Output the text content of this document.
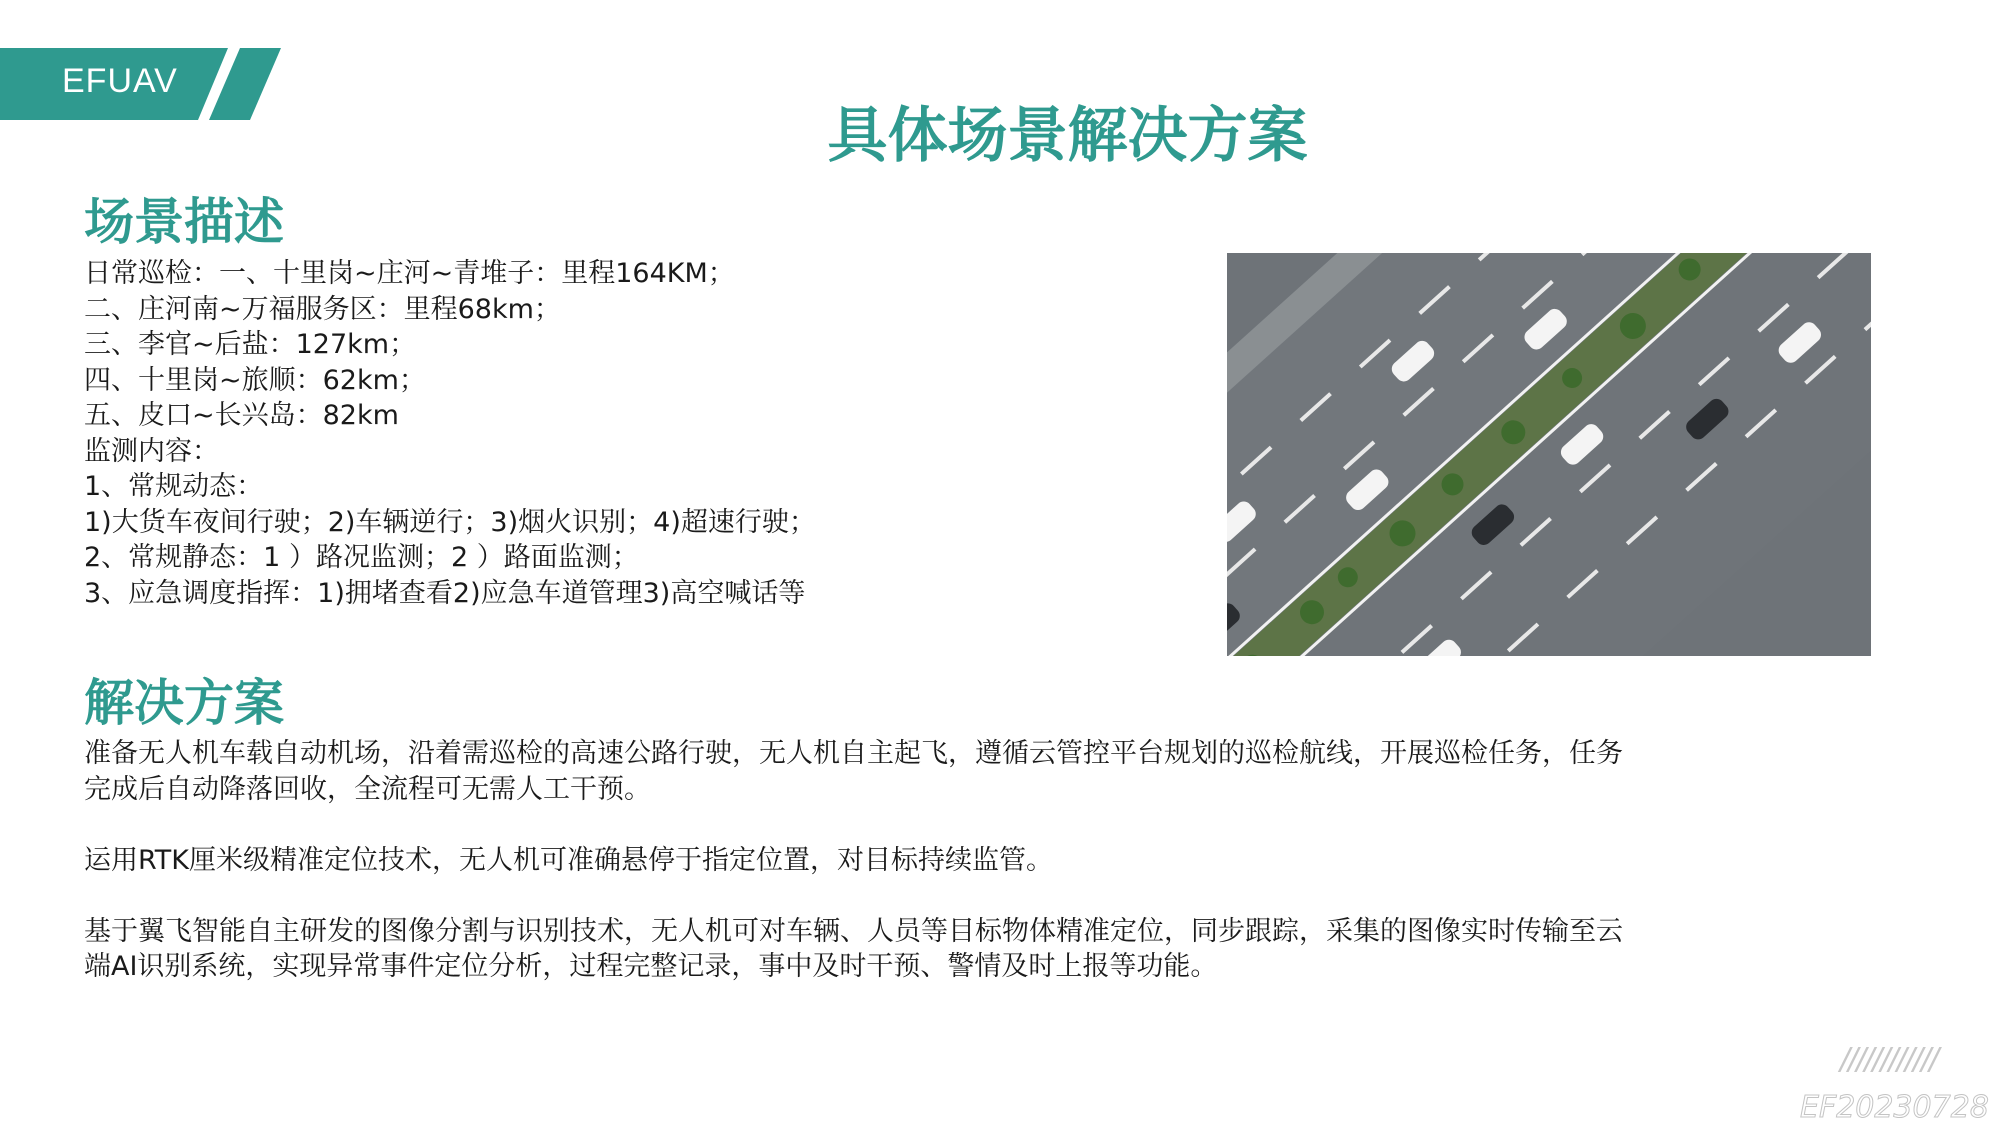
EFUAV
具体场景解决方案
场景描述
日常巡检：一、十里岗~庄河~青堆子：里程164KM；
二、庄河南~万福服务区：里程68km；
三、李官~后盐：127km；
四、十里岗~旅顺：62km；
五、皮口~长兴岛：82km
监测内容：
1、常规动态：
1)大货车夜间行驶；2)车辆逆行；3)烟火识别；4)超速行驶；
2、常规静态：1 ）路况监测；2 ）路面监测；
3、应急调度指挥：1)拥堵查看2)应急车道管理3)高空喊话等
解决方案

准备无人机车载自动机场，沿着需巡检的高速公路行驶，无人机自主起飞，遵循云管控平台规划的巡检航线，开展巡检任务，任务完成后自动降落回收，全流程可无需人工干预。

运用RTK厘米级精准定位技术，无人机可准确悬停于指定位置，对目标持续监管。

基于翼飞智能自主研发的图像分割与识别技术，无人机可对车辆、人员等目标物体精准定位，同步跟踪，采集的图像实时传输至云端AI识别系统，实现异常事件定位分析，过程完整记录，事中及时干预、警情及时上报等功能。

////////////
EF20230728
